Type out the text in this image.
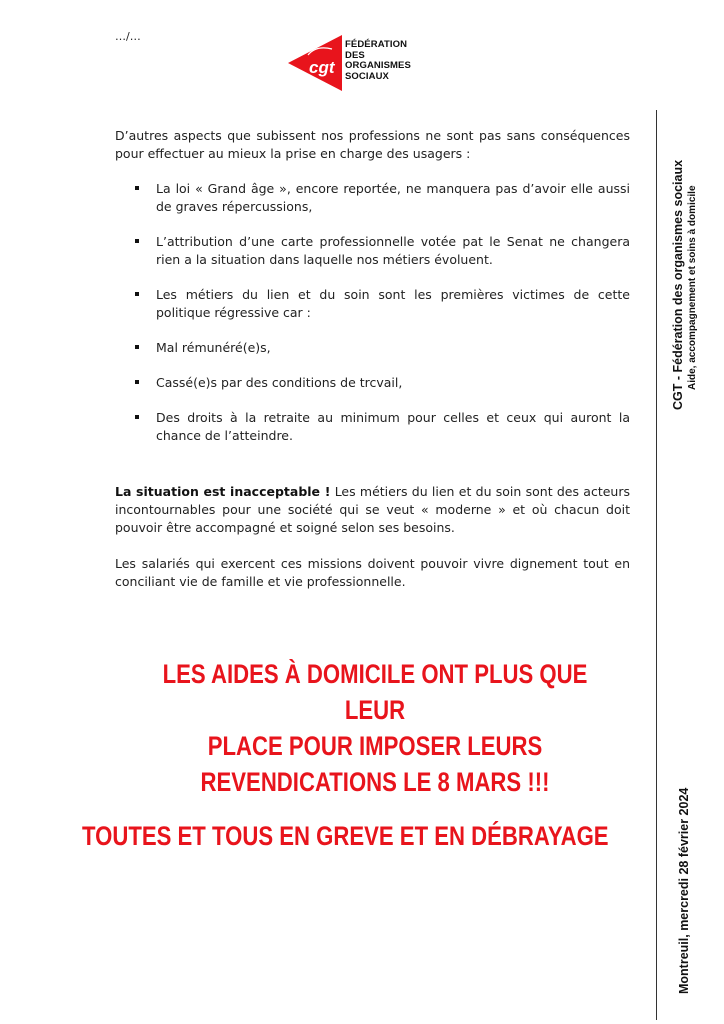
…/…
cgt
FÉDÉRATION
DES
ORGANISMES
SOCIAUX
D’autres aspects que subissent nos professions ne sont pas sans conséquences pour effectuer au mieux la prise en charge des usagers :
La loi « Grand âge », encore reportée, ne manquera pas d’avoir elle aussi de graves répercussions,
L’attribution d’une carte professionnelle votée pat le Senat ne changera rien a la situation dans laquelle nos métiers évoluent.
Les métiers du lien et du soin sont les premières victimes de cette politique régressive car :
Mal rémunéré(e)s,
Cassé(e)s par des conditions de trcvail,
Des droits à la retraite au minimum pour celles et ceux qui auront la chance de l’atteindre.
La situation est inacceptable ! Les métiers du lien et du soin sont des acteurs incontournables pour une société qui se veut « moderne » et où chacun doit pouvoir être accompagné et soigné selon ses besoins.
Les salariés qui exercent ces missions doivent pouvoir vivre dignement tout en conciliant vie de famille et vie professionnelle.
LES AIDES À DOMICILE ONT PLUS QUE LEUR
PLACE POUR IMPOSER LEURS
REVENDICATIONS LE 8 MARS !!!
TOUTES ET TOUS EN GREVE ET EN DÉBRAYAGE
CGT - Fédération des organismes sociaux Aide, accompagnement et soins à domicile
Montreuil, mercredi 28 février 2024
